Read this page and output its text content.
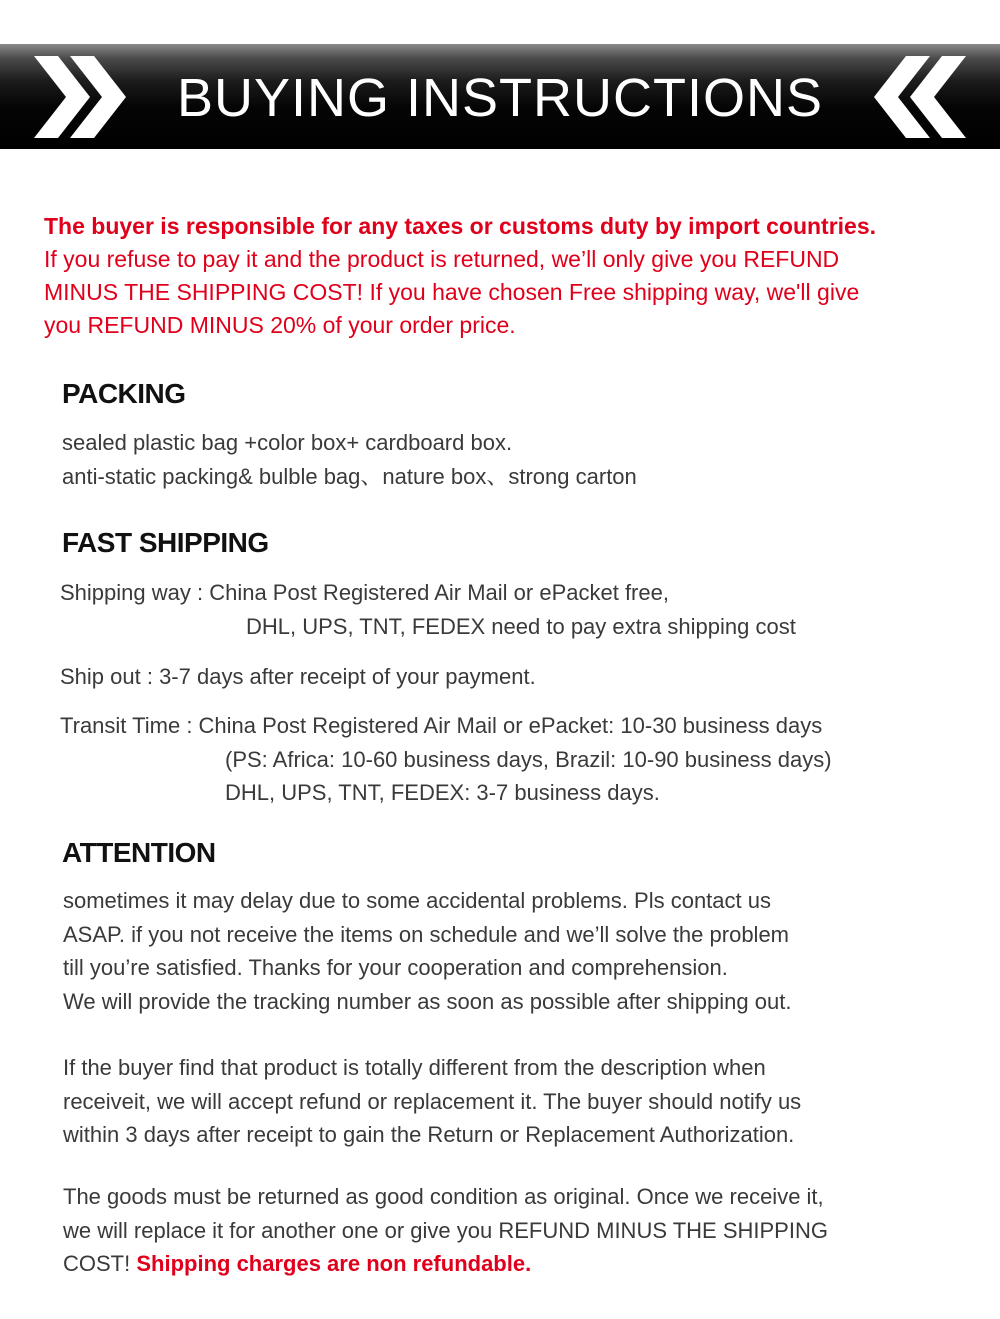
BUYING INSTRUCTIONS
The buyer is responsible for any taxes or customs duty by import countries.
If you refuse to pay it and the product is returned, we’ll only give you REFUND
MINUS THE SHIPPING COST! If you have chosen Free shipping way, we'll give
you REFUND MINUS 20% of your order price.
PACKING
sealed plastic bag +color box+ cardboard box.
anti-static packing& bulble bag、nature box、strong carton
FAST SHIPPING
Shipping way : China Post Registered Air Mail or ePacket free,
DHL, UPS, TNT, FEDEX need to pay extra shipping cost
Ship out : 3-7 days after receipt of your payment.
Transit Time : China Post Registered Air Mail or ePacket: 10-30 business days
(PS: Africa: 10-60 business days, Brazil: 10-90 business days)
DHL, UPS, TNT, FEDEX: 3-7 business days.
ATTENTION
sometimes it may delay due to some accidental problems. Pls contact us
ASAP. if you not receive the items on schedule and we’ll solve the problem
till you’re satisfied. Thanks for your cooperation and comprehension.
We will provide the tracking number as soon as possible after shipping out.
If the buyer find that product is totally different from the description when
receiveit, we will accept refund or replacement it. The buyer should notify us
within 3 days after receipt to gain the Return or Replacement Authorization.
The goods must be returned as good condition as original. Once we receive it,
we will replace it for another one or give you REFUND MINUS THE SHIPPING
COST! Shipping charges are non refundable.
